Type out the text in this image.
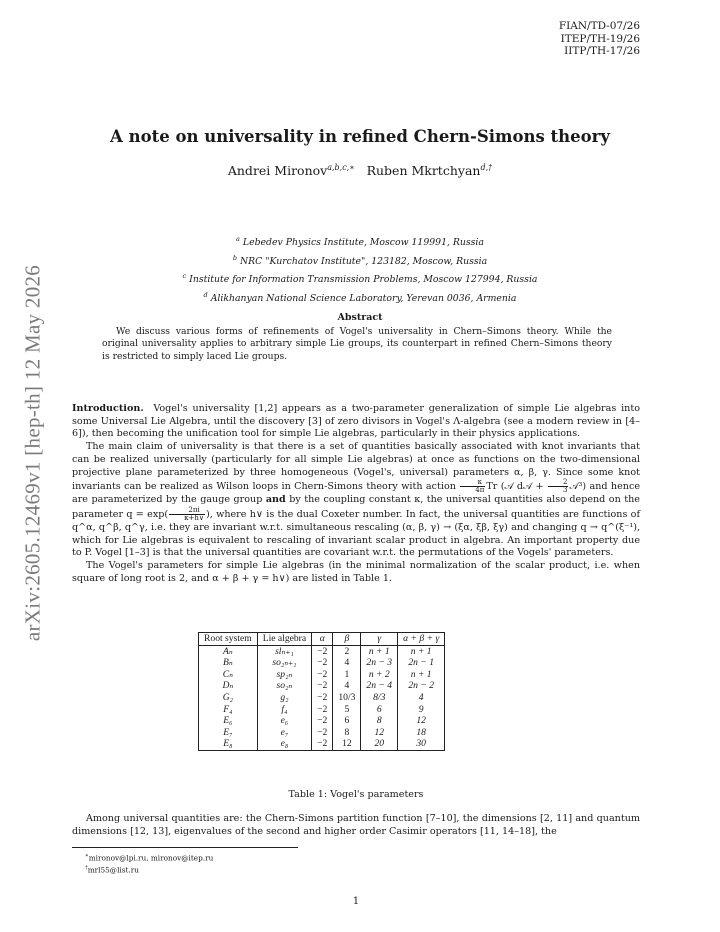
FIAN/TD-07/26
ITEP/TH-19/26
IITP/TH-17/26
arXiv:2605.12469v1 [hep-th] 12 May 2026
A note on universality in refined Chern-Simons theory
Andrei Mironov$^{a,b,c,∗}$ Ruben Mkrtchyan$^{d,\dagger}$
$^a$ Lebedev Physics Institute, Moscow 119991, Russia
$^b$ NRC "Kurchatov Institute", 123182, Moscow, Russia
$^c$ Institute for Information Transmission Problems, Moscow 127994, Russia
$^d$ Alikhanyan National Science Laboratory, Yerevan 0036, Armenia
Abstract
We discuss various forms of refinements of Vogel's universality in Chern–Simons theory. While the original universality applies to arbitrary simple Lie groups, its counterpart in refined Chern–Simons theory is restricted to simply laced Lie groups.

Introduction. Vogel's universality [1,2] appears as a two-parameter generalization of simple Lie algebras into some Universal Lie Algebra, until the discovery [3] of zero divisors in Vogel's Λ-algebra (see a modern review in [4–6]), then becoming the unification tool for simple Lie algebras, particularly in their physics applications.

The main claim of universality is that there is a set of quantities basically associated with knot invariants that can be realized universally (particularly for all simple Lie algebras) at once as functions on the two-dimensional projective plane parameterized by three homogeneous (Vogel's, universal) parameters α, β, γ. Since some knot invariants can be realized as Wilson loops in Chern-Simons theory with action $\frac{\kappa}{4\pi}$ Tr (𝒜 d𝒜 + $\frac{2}{3}$ 𝒜³) and hence are parameterized by the gauge group and by the coupling constant κ, the universal quantities also depend on the parameter $q = \exp( \frac{2\pi i}{\kappa+h\vee}$ ), where h∨ is the dual Coxeter number. In fact, the universal quantities are functions of q^α, q^β, q^γ, i.e. they are invariant w.r.t. simultaneous rescaling (α, β, γ) → (ξα, ξβ, ξγ) and changing q → q^(ξ⁻¹), which for Lie algebras is equivalent to rescaling of invariant scalar product in algebra. An important property due to P. Vogel [1–3] is that the universal quantities are covariant w.r.t. the permutations of the Vogels' parameters.

The Vogel's parameters for simple Lie algebras (in the minimal normalization of the scalar product, i.e. when square of long root is 2, and α + β + γ = h∨) are listed in Table 1.

Root system	Lie algebra	α	β	γ	α + β + γ
Aₙ	slₙ₊₁	−2	2	n + 1	n + 1
Bₙ	so₂ₙ₊₁	−2	4	2n − 3	2n − 1
Cₙ	sp₂ₙ	−2	1	n + 2	n + 1
Dₙ	so₂ₙ	−2	4	2n − 4	2n − 2
G₂	g₂	−2	10/3	8/3	4
F₄	f₄	−2	5	6	9
E₆	e₆	−2	6	8	12
E₇	e₇	−2	8	12	18
E₈	e₈	−2	12	20	30
Table 1: Vogel's parameters

Among universal quantities are: the Chern-Simons partition function [7–10], the dimensions [2, 11] and quantum dimensions [12, 13], eigenvalues of the second and higher order Casimir operators [11, 14–18], the

∗mironov@lpi.ru, mironov@itep.ru
†mrl55@list.ru
1
